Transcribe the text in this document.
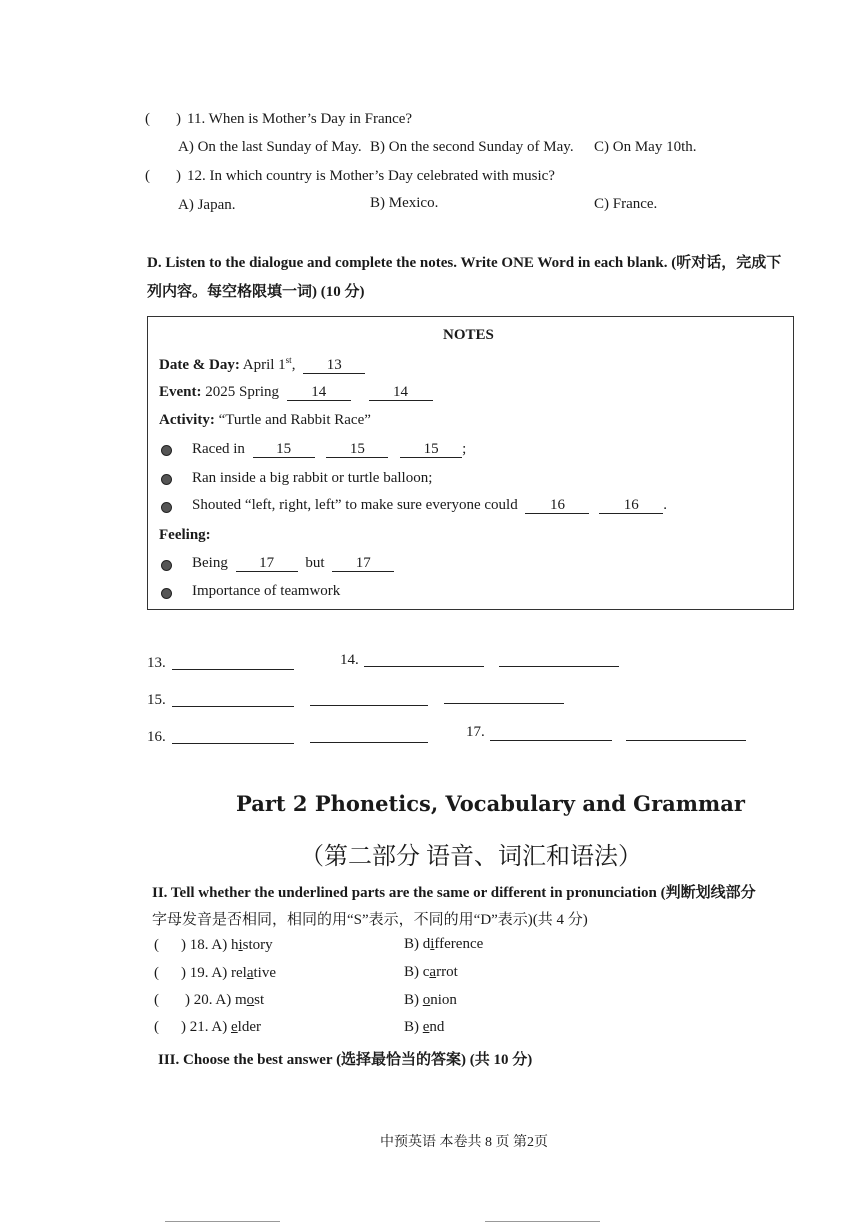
( ) 11. When is Mother’s Day in France?
A) On the last Sunday of May. B) On the second Sunday of May. C) On May 10th.
( ) 12. In which country is Mother’s Day celebrated with music?
A) Japan.	B) Mexico.	C) France.
D. Listen to the dialogue and complete the notes. Write ONE Word in each blank. (听对话，完成下
列内容。每空格限填一词) (10 分)
NOTES
Date & Day: April 1st, 13
Event: 2025 Spring 14	14
Activity: “Turtle and Rabbit Race”
Raced in 15	15	15 ;
Ran inside a big rabbit or turtle balloon;
Shouted “left, right, left” to make sure everyone could 16	16 .
Feeling:
Being 17 but 17
Importance of teamwork
13.	14.
15.
16.	17.
Part 2 Phonetics, Vocabulary and Grammar
（第二部分 语音、词汇和语法）
II. Tell whether the underlined parts are the same or different in pronunciation (判断划线部分
字母发音是否相同，相同的用“S”表示，不同的用“D”表示)(共 4 分)
( ) 18. A) history	B) difference
( ) 19. A) relative	B) carrot
( ) 20. A) most	B) onion
( ) 21. A) elder	B) end
III. Choose the best answer (选择最恰当的答案) (共 10 分)
中预英语 本卷共 8 页 第2页
